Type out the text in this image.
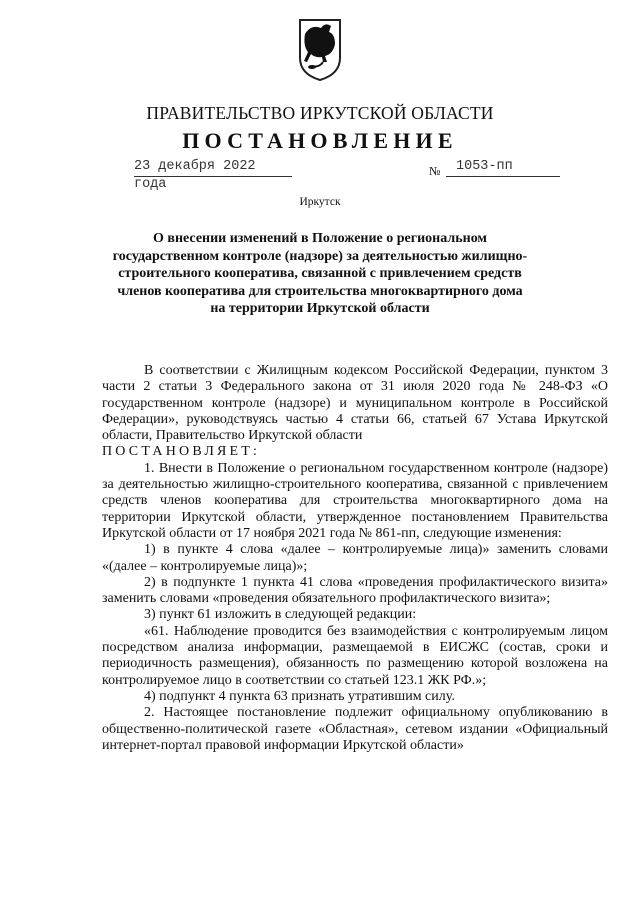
ПРАВИТЕЛЬСТВО ИРКУТСКОЙ ОБЛАСТИ
ПОСТАНОВЛЕНИЕ
23 декабря 2022 года
№	1053-пп
Иркутск
О внесении изменений в Положение о региональном государственном контроле (надзоре) за деятельностью жилищно-строительного кооператива, связанной с привлечением средств членов кооператива для строительства многоквартирного дома на территории Иркутской области

В соответствии с Жилищным кодексом Российской Федерации, пунктом 3 части 2 статьи 3 Федерального закона от 31 июля 2020 года № 248-ФЗ «О государственном контроле (надзоре) и муниципальном контроле в Российской Федерации», руководствуясь частью 4 статьи 66, статьей 67 Устава Иркутской области, Правительство Иркутской области

ПОСТАНОВЛЯЕТ:

1. Внести в Положение о региональном государственном контроле (надзоре) за деятельностью жилищно-строительного кооператива, связанной с привлечением средств членов кооператива для строительства многоквартирного дома на территории Иркутской области, утвержденное постановлением Правительства Иркутской области от 17 ноября 2021 года № 861-пп, следующие изменения:

1) в пункте 4 слова «далее – контролируемые лица)» заменить словами «(далее – контролируемые лица)»;

2) в подпункте 1 пункта 41 слова «проведения профилактического визита» заменить словами «проведения обязательного профилактического визита»;

3) пункт 61 изложить в следующей редакции:

«61. Наблюдение проводится без взаимодействия с контролируемым лицом посредством анализа информации, размещаемой в ЕИСЖС (состав, сроки и периодичность размещения), обязанность по размещению которой возложена на контролируемое лицо в соответствии со статьей 123.1 ЖК РФ.»;

4) подпункт 4 пункта 63 признать утратившим силу.

2. Настоящее постановление подлежит официальному опубликованию в общественно-политической газете «Областная», сетевом издании «Официальный интернет-портал правовой информации Иркутской области»
